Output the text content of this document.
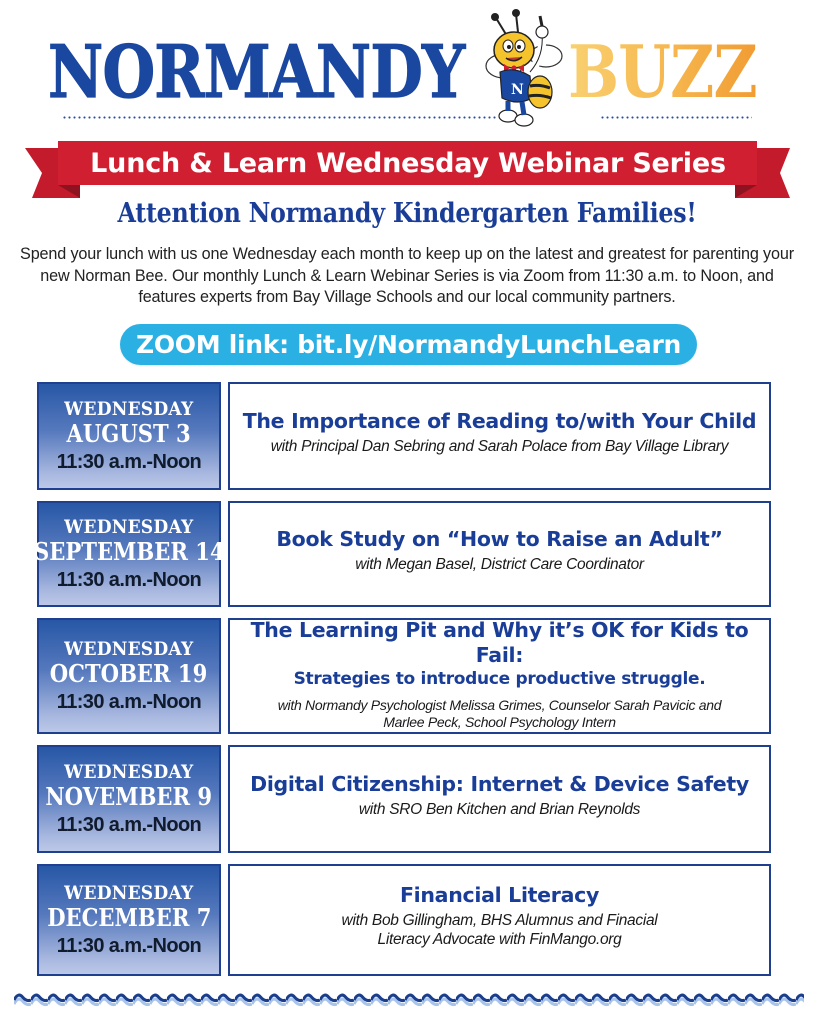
NORMANDY BUZZ
N
Lunch & Learn Wednesday Webinar Series
Attention Normandy Kindergarten Families!

Spend your lunch with us one Wednesday each month to keep up on the latest and greatest for parenting your new Norman Bee. Our monthly Lunch & Learn Webinar Series is via Zoom from 11:30 a.m. to Noon, and features experts from Bay Village Schools and our local community partners.

ZOOM link: bit.ly/NormandyLunchLearn
WEDNESDAY
AUGUST 3
11:30 a.m.-Noon
The Importance of Reading to/with Your Child
with Principal Dan Sebring and Sarah Polace from Bay Village Library
WEDNESDAY
SEPTEMBER 14
11:30 a.m.-Noon
Book Study on “How to Raise an Adult”
with Megan Basel, District Care Coordinator
WEDNESDAY
OCTOBER 19
11:30 a.m.-Noon
The Learning Pit and Why it’s OK for Kids to Fail:
Strategies to introduce productive struggle.
with Normandy Psychologist Melissa Grimes, Counselor Sarah Pavicic and Marlee Peck, School Psychology Intern
WEDNESDAY
NOVEMBER 9
11:30 a.m.-Noon
Digital Citizenship: Internet & Device Safety
with SRO Ben Kitchen and Brian Reynolds
WEDNESDAY
DECEMBER 7
11:30 a.m.-Noon
Financial Literacy
with Bob Gillingham, BHS Alumnus and Finacial Literacy Advocate with FinMango.org
